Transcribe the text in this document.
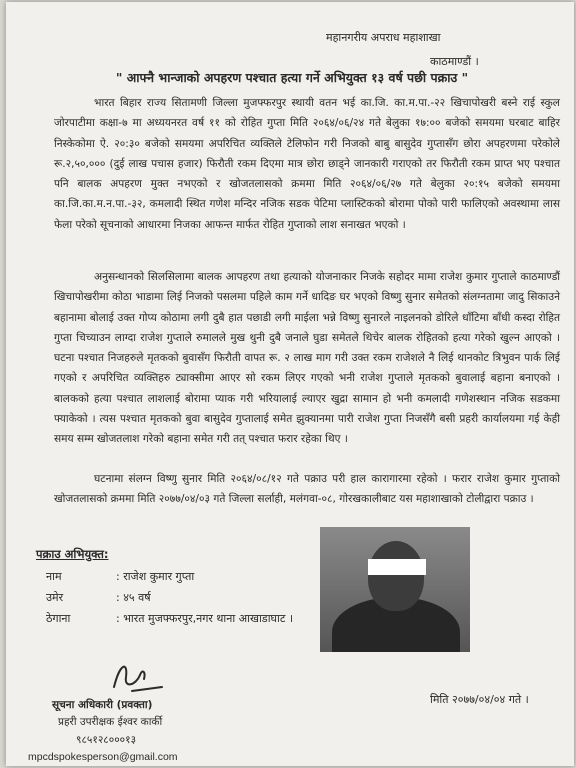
महानगरीय अपराध महाशाखा
काठमाण्डौं ।
" आफ्नै भान्जाको अपहरण पश्चात हत्या गर्ने अभियुक्त १३ वर्ष पछी पक्राउ "

भारत बिहार राज्य सितामणी जिल्ला मुजफ्फरपुर स्थायी वतन भई का.जि. का.म.पा.-२२ खिचापोखरी बस्ने राई स्कुल जोरपाटीमा कक्षा-७ मा अध्ययनरत वर्ष ११ को रोहित गुप्ता मिति २०६४/०६/२४ गते बेलुका १७:०० बजेको समयमा घरबाट बाहिर निस्केकोमा ऐ. २०:३० बजेको समयमा अपरिचित व्यक्तिले टेलिफोन गरी निजको बाबु बासुदेव गुप्तासँग छोरा अपहरणमा परेकोले रू.२,५०,००० (दुई लाख पचास हजार) फिरौती रकम दिएमा मात्र छोरा छाड्ने जानकारी गराएको तर फिरौती रकम प्राप्त भए पश्चात पनि बालक अपहरण मुक्त नभएको र खोजतलासको क्रममा मिति २०६४/०६/२७ गते बेलुका २०:१५ बजेको समयमा का.जि.का.म.न.पा.-३२, कमलादी स्थित गणेश मन्दिर नजिक सडक पेटिमा प्लास्टिकको बोरामा पोको पारी फालिएको अवस्थामा लास फेला परेको सूचनाको आधारमा निजका आफन्त मार्फत रोहित गुप्ताको लाश सनाखत भएको ।

अनुसन्धानको सिलसिलामा बालक आपहरण तथा हत्याको योजनाकार निजके सहोदर मामा राजेश कुमार गुप्ताले काठमाण्डौं खिचापोखरीमा कोठा भाडामा लिई निजको पसलमा पहिले काम गर्ने धादिङ घर भएको विष्णु सुनार समेतको संलग्नतामा जादु सिकाउने बहानामा बोलाई उक्त गोप्य कोठामा लगी दुबै हात पछाडी लगी माईला भन्ने विष्णु सुनारले नाइलनको डोरिले धाँटिमा बाँधी कस्दा रोहित गुप्ता चिच्याउन लाग्दा राजेश गुप्ताले रुमालले मुख थुनी दुबै जनाले घुडा समेतले थिचेर बालक रोहितको हत्या गरेको खुल्न आएको । घटना पश्चात निजहरुले मृतकको बुवासँग फिरौती वापत रू. २ लाख माग गरी उक्त रकम राजेशले नै लिई थानकोट त्रिभुवन पार्क लिई गएको र अपरिचित व्यक्तिहरु ट्याक्सीमा आएर सो रकम लिएर गएको भनी राजेश गुप्ताले मृतकको बुवालाई बहाना बनाएको । बालकको हत्या पश्चात लाशलाई बोरामा प्याक गरी भरियालाई ल्याएर खुद्रा सामान हो भनी कमलादी गणेशस्थान नजिक सडकमा फ्याकेको । त्यस पश्चात मृतकको बुवा बासुदेव गुप्तालाई समेत झुक्यानमा पारी राजेश गुप्ता निजसँगै बसी प्रहरी कार्यालयमा गई केही समय सम्म खोजतलाश गरेको बहाना समेत गरी तत् पश्चात फरार रहेका थिए ।

घटनामा संलग्न विष्णु सुनार मिति २०६४/०८/१२ गते पक्राउ परी हाल कारागारमा रहेको । फरार राजेश कुमार गुप्ताको खोजतलासको क्रममा मिति २०७७/०४/०३ गते जिल्ला सर्लाही, मलंगवा-०८, गोरखकालीबाट यस महाशाखाको टोलीद्वारा पक्राउ ।

पक्राउ अभियुक्त:
नाम	: राजेश कुमार गुप्ता
उमेर	: ४५ वर्ष
ठेगाना	: भारत मुजफ्फरपुर,नगर थाना आखाडाघाट ।
सूचना अधिकारी (प्रवक्ता)
प्रहरी उपरीक्षक ईश्वर कार्की
९८५१२८०००१३
mpcdspokesperson@gmail.com
मिति २०७७/०४/०४ गते ।
